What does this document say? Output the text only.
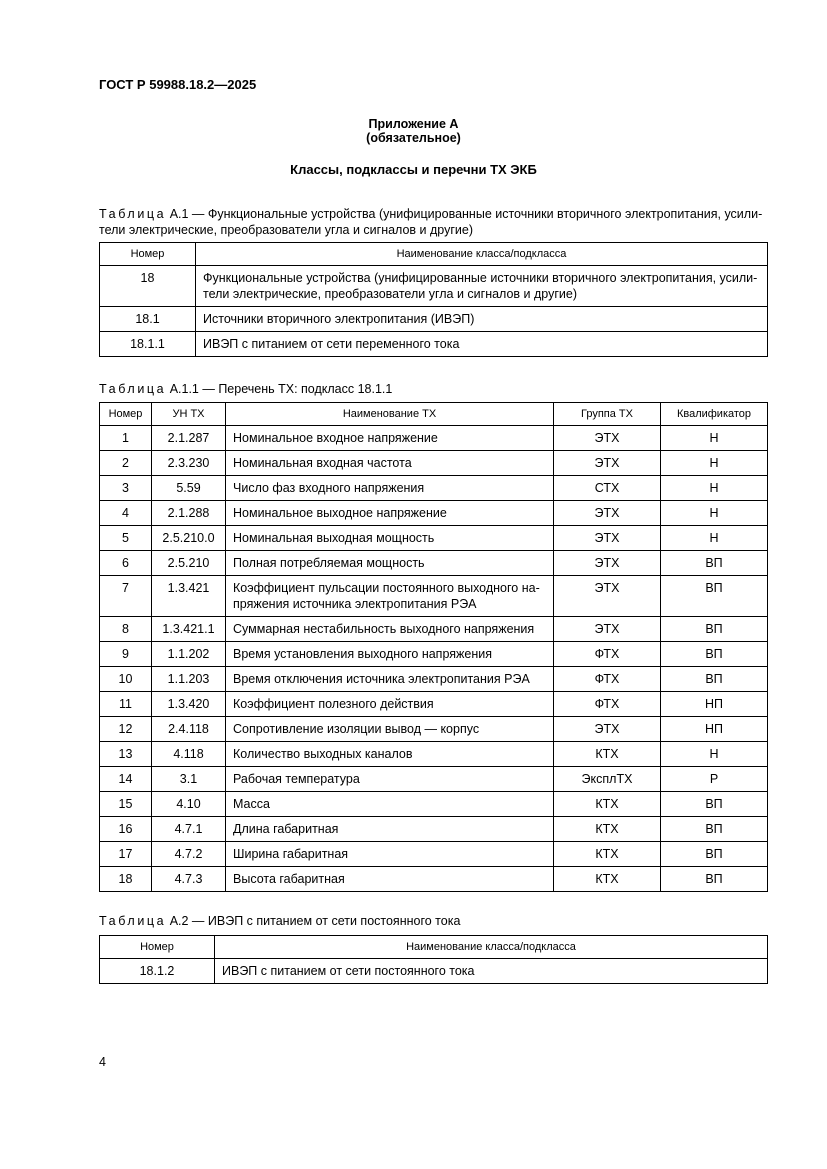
ГОСТ Р 59988.18.2—2025
Приложение А
(обязательное)
Классы, подклассы и перечни ТХ ЭКБ
Таблица А.1 — Функциональные устройства (унифицированные источники вторичного электропитания, усили-
тели электрические, преобразователи угла и сигналов и другие)
Номер	Наименование класса/подкласса
18	Функциональные устройства (унифицированные источники вторичного электропитания, усили-
тели электрические, преобразователи угла и сигналов и другие)

18.1	Источники вторичного электропитания (ИВЭП)
18.1.1	ИВЭП с питанием от сети переменного тока
Таблица А.1.1 — Перечень ТХ: подкласс 18.1.1
Номер	УН ТХ	Наименование ТХ	Группа ТХ	Квалификатор
1	2.1.287	Номинальное входное напряжение	ЭТХ	Н
2	2.3.230	Номинальная входная частота	ЭТХ	Н
3	5.59	Число фаз входного напряжения	СТХ	Н
4	2.1.288	Номинальное выходное напряжение	ЭТХ	Н
5	2.5.210.0	Номинальная выходная мощность	ЭТХ	Н
6	2.5.210	Полная потребляемая мощность	ЭТХ	ВП
7	1.3.421	Коэффициент пульсации постоянного выходного на-
пряжения источника электропитания РЭА	ЭТХ	ВП
8	1.3.421.1	Суммарная нестабильность выходного напряжения	ЭТХ	ВП
9	1.1.202	Время установления выходного напряжения	ФТХ	ВП
10	1.1.203	Время отключения источника электропитания РЭА	ФТХ	ВП
11	1.3.420	Коэффициент полезного действия	ФТХ	НП
12	2.4.118	Сопротивление изоляции вывод — корпус	ЭТХ	НП
13	4.118	Количество выходных каналов	КТХ	Н
14	3.1	Рабочая температура	ЭксплТХ	Р
15	4.10	Масса	КТХ	ВП
16	4.7.1	Длина габаритная	КТХ	ВП
17	4.7.2	Ширина габаритная	КТХ	ВП
18	4.7.3	Высота габаритная	КТХ	ВП
Таблица А.2 — ИВЭП с питанием от сети постоянного тока
Номер	Наименование класса/подкласса
18.1.2	ИВЭП с питанием от сети постоянного тока
4
